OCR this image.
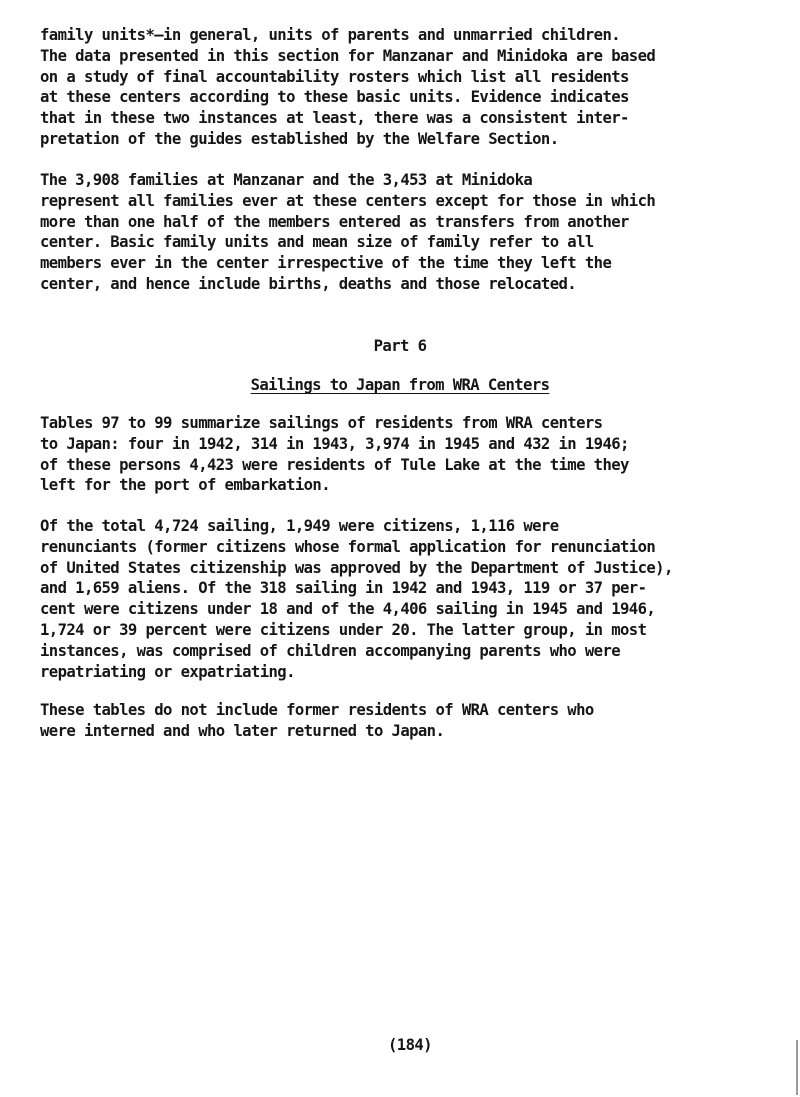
family units*—in general, units of parents and unmarried children.
The data presented in this section for Manzanar and Minidoka are based
on a study of final accountability rosters which list all residents
at these centers according to these basic units. Evidence indicates
that in these two instances at least, there was a consistent inter-
pretation of the guides established by the Welfare Section.

The 3,908 families at Manzanar and the 3,453 at Minidoka
represent all families ever at these centers except for those in which
more than one half of the members entered as transfers from another
center. Basic family units and mean size of family refer to all
members ever in the center irrespective of the time they left the
center, and hence include births, deaths and those relocated.

Part 6
Sailings to Japan from WRA Centers

Tables 97 to 99 summarize sailings of residents from WRA centers
to Japan: four in 1942, 314 in 1943, 3,974 in 1945 and 432 in 1946;
of these persons 4,423 were residents of Tule Lake at the time they
left for the port of embarkation.

Of the total 4,724 sailing, 1,949 were citizens, 1,116 were
renunciants (former citizens whose formal application for renunciation
of United States citizenship was approved by the Department of Justice),
and 1,659 aliens. Of the 318 sailing in 1942 and 1943, 119 or 37 per-
cent were citizens under 18 and of the 4,406 sailing in 1945 and 1946,
1,724 or 39 percent were citizens under 20. The latter group, in most
instances, was comprised of children accompanying parents who were
repatriating or expatriating.

These tables do not include former residents of WRA centers who
were interned and who later returned to Japan.

(184)
